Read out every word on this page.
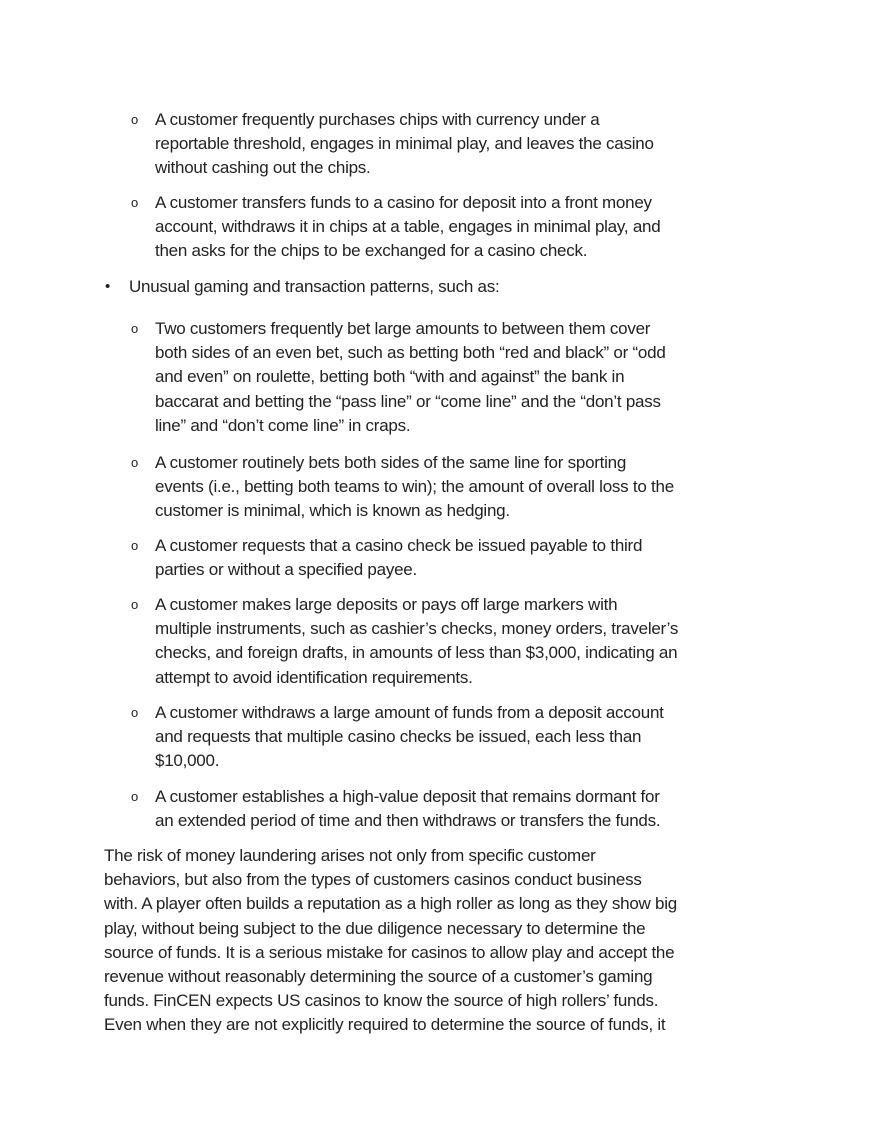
o A customer frequently purchases chips with currency under a
reportable threshold, engages in minimal play, and leaves the casino
without cashing out the chips.
o A customer transfers funds to a casino for deposit into a front money
account, withdraws it in chips at a table, engages in minimal play, and
then asks for the chips to be exchanged for a casino check.
• Unusual gaming and transaction patterns, such as:
o Two customers frequently bet large amounts to between them cover
both sides of an even bet, such as betting both “red and black” or “odd
and even” on roulette, betting both “with and against” the bank in
baccarat and betting the “pass line” or “come line” and the “don’t pass
line” and “don’t come line” in craps.
o A customer routinely bets both sides of the same line for sporting
events (i.e., betting both teams to win); the amount of overall loss to the
customer is minimal, which is known as hedging.
o A customer requests that a casino check be issued payable to third
parties or without a specified payee.
o A customer makes large deposits or pays off large markers with
multiple instruments, such as cashier’s checks, money orders, traveler’s
checks, and foreign drafts, in amounts of less than $3,000, indicating an
attempt to avoid identification requirements.
o A customer withdraws a large amount of funds from a deposit account
and requests that multiple casino checks be issued, each less than
$10,000.
o A customer establishes a high-value deposit that remains dormant for
an extended period of time and then withdraws or transfers the funds.
The risk of money laundering arises not only from specific customer
behaviors, but also from the types of customers casinos conduct business
with. A player often builds a reputation as a high roller as long as they show big
play, without being subject to the due diligence necessary to determine the
source of funds. It is a serious mistake for casinos to allow play and accept the
revenue without reasonably determining the source of a customer’s gaming
funds. FinCEN expects US casinos to know the source of high rollers’ funds.
Even when they are not explicitly required to determine the source of funds, it
